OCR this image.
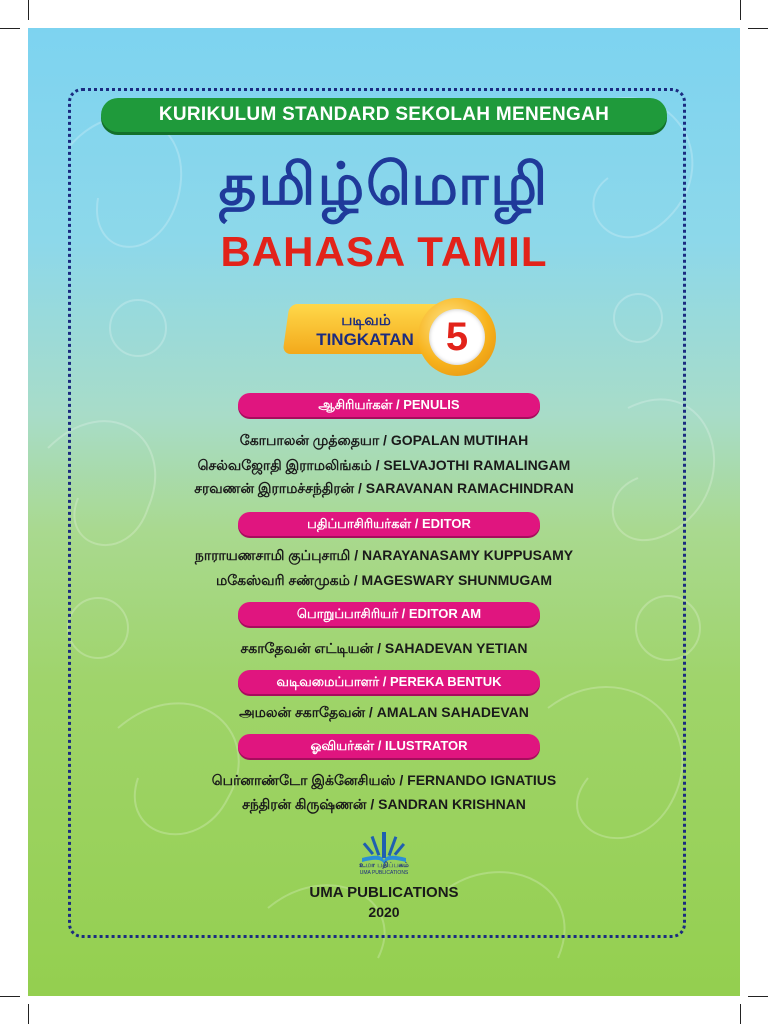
KURIKULUM STANDARD SEKOLAH MENENGAH
தமிழ்மொழி
BAHASA TAMIL
படிவம்
TINGKATAN 5
ஆசிரியர்கள் / PENULIS
கோபாலன் முத்தையா / GOPALAN MUTIHAH
செல்வஜோதி இராமலிங்கம் / SELVAJOTHI RAMALINGAM
சரவணன் இராமச்சந்திரன் / SARAVANAN RAMACHINDRAN
பதிப்பாசிரியர்கள் / EDITOR
நாராயணசாமி குப்புசாமி / NARAYANASAMY KUPPUSAMY
மகேஸ்வரி சண்முகம் / MAGESWARY SHUNMUGAM
பொறுப்பாசிரியர் / EDITOR AM
சகாதேவன் எட்டியன் / SAHADEVAN YETIAN
வடிவமைப்பாளர் / PEREKA BENTUK
அமலன் சகாதேவன் / AMALAN SAHADEVAN
ஓவியர்கள் / ILUSTRATOR
பெர்னாண்டோ இக்னேசியஸ் / FERNANDO IGNATIUS
சந்திரன் கிருஷ்ணன் / SANDRAN KRISHNAN
உமா பதிப்பகம்
UMA PUBLICATIONS
UMA PUBLICATIONS
2020
